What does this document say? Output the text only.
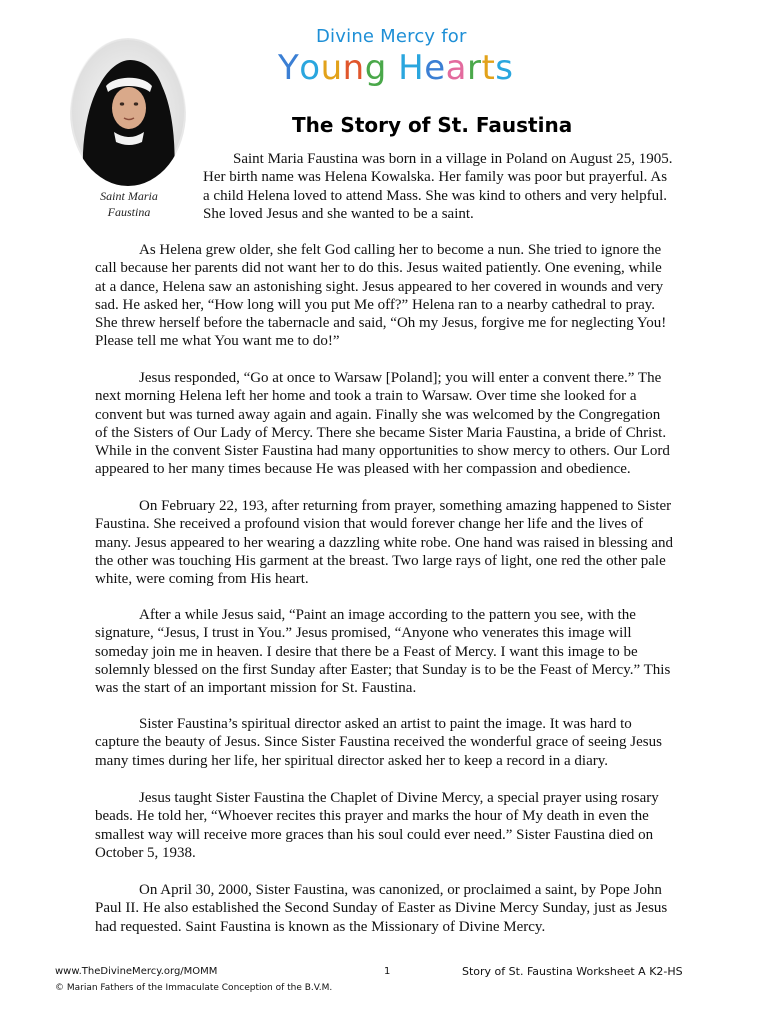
Saint Maria
Faustina
Divine Mercy for
Young Hearts
The Story of St. Faustina
Saint Maria Faustina was born in a village in Poland on August 25, 1905. Her birth name was Helena Kowalska. Her family was poor but prayerful. As a child Helena loved to attend Mass. She was kind to others and very helpful. She loved Jesus and she wanted to be a saint.
As Helena grew older, she felt God calling her to become a nun. She tried to ignore the call because her parents did not want her to do this. Jesus waited patiently. One evening, while at a dance, Helena saw an astonishing sight. Jesus appeared to her covered in wounds and very sad. He asked her, “How long will you put Me off?” Helena ran to a nearby cathedral to pray. She threw herself before the tabernacle and said, “Oh my Jesus, forgive me for neglecting You! Please tell me what You want me to do!”
Jesus responded, “Go at once to Warsaw [Poland]; you will enter a convent there.” The next morning Helena left her home and took a train to Warsaw. Over time she looked for a convent but was turned away again and again. Finally she was welcomed by the Congregation of the Sisters of Our Lady of Mercy. There she became Sister Maria Faustina, a bride of Christ. While in the convent Sister Faustina had many opportunities to show mercy to others. Our Lord appeared to her many times because He was pleased with her compassion and obedience.
On February 22, 193, after returning from prayer, something amazing happened to Sister Faustina. She received a profound vision that would forever change her life and the lives of many. Jesus appeared to her wearing a dazzling white robe. One hand was raised in blessing and the other was touching His garment at the breast. Two large rays of light, one red the other pale white, were coming from His heart.
After a while Jesus said, “Paint an image according to the pattern you see, with the signature, “Jesus, I trust in You.” Jesus promised, “Anyone who venerates this image will someday join me in heaven. I desire that there be a Feast of Mercy. I want this image to be solemnly blessed on the first Sunday after Easter; that Sunday is to be the Feast of Mercy.” This was the start of an important mission for St. Faustina.
Sister Faustina’s spiritual director asked an artist to paint the image. It was hard to capture the beauty of Jesus. Since Sister Faustina received the wonderful grace of seeing Jesus many times during her life, her spiritual director asked her to keep a record in a diary.
Jesus taught Sister Faustina the Chaplet of Divine Mercy, a special prayer using rosary beads. He told her, “Whoever recites this prayer and marks the hour of My death in even the smallest way will receive more graces than his soul could ever need.” Sister Faustina died on October 5, 1938.
On April 30, 2000, Sister Faustina, was canonized, or proclaimed a saint, by Pope John Paul II. He also established the Second Sunday of Easter as Divine Mercy Sunday, just as Jesus had requested. Saint Faustina is known as the Missionary of Divine Mercy.
www.TheDivineMercy.org/MOMM	1	Story of St. Faustina Worksheet A K2-HS
© Marian Fathers of the Immaculate Conception of the B.V.M.
